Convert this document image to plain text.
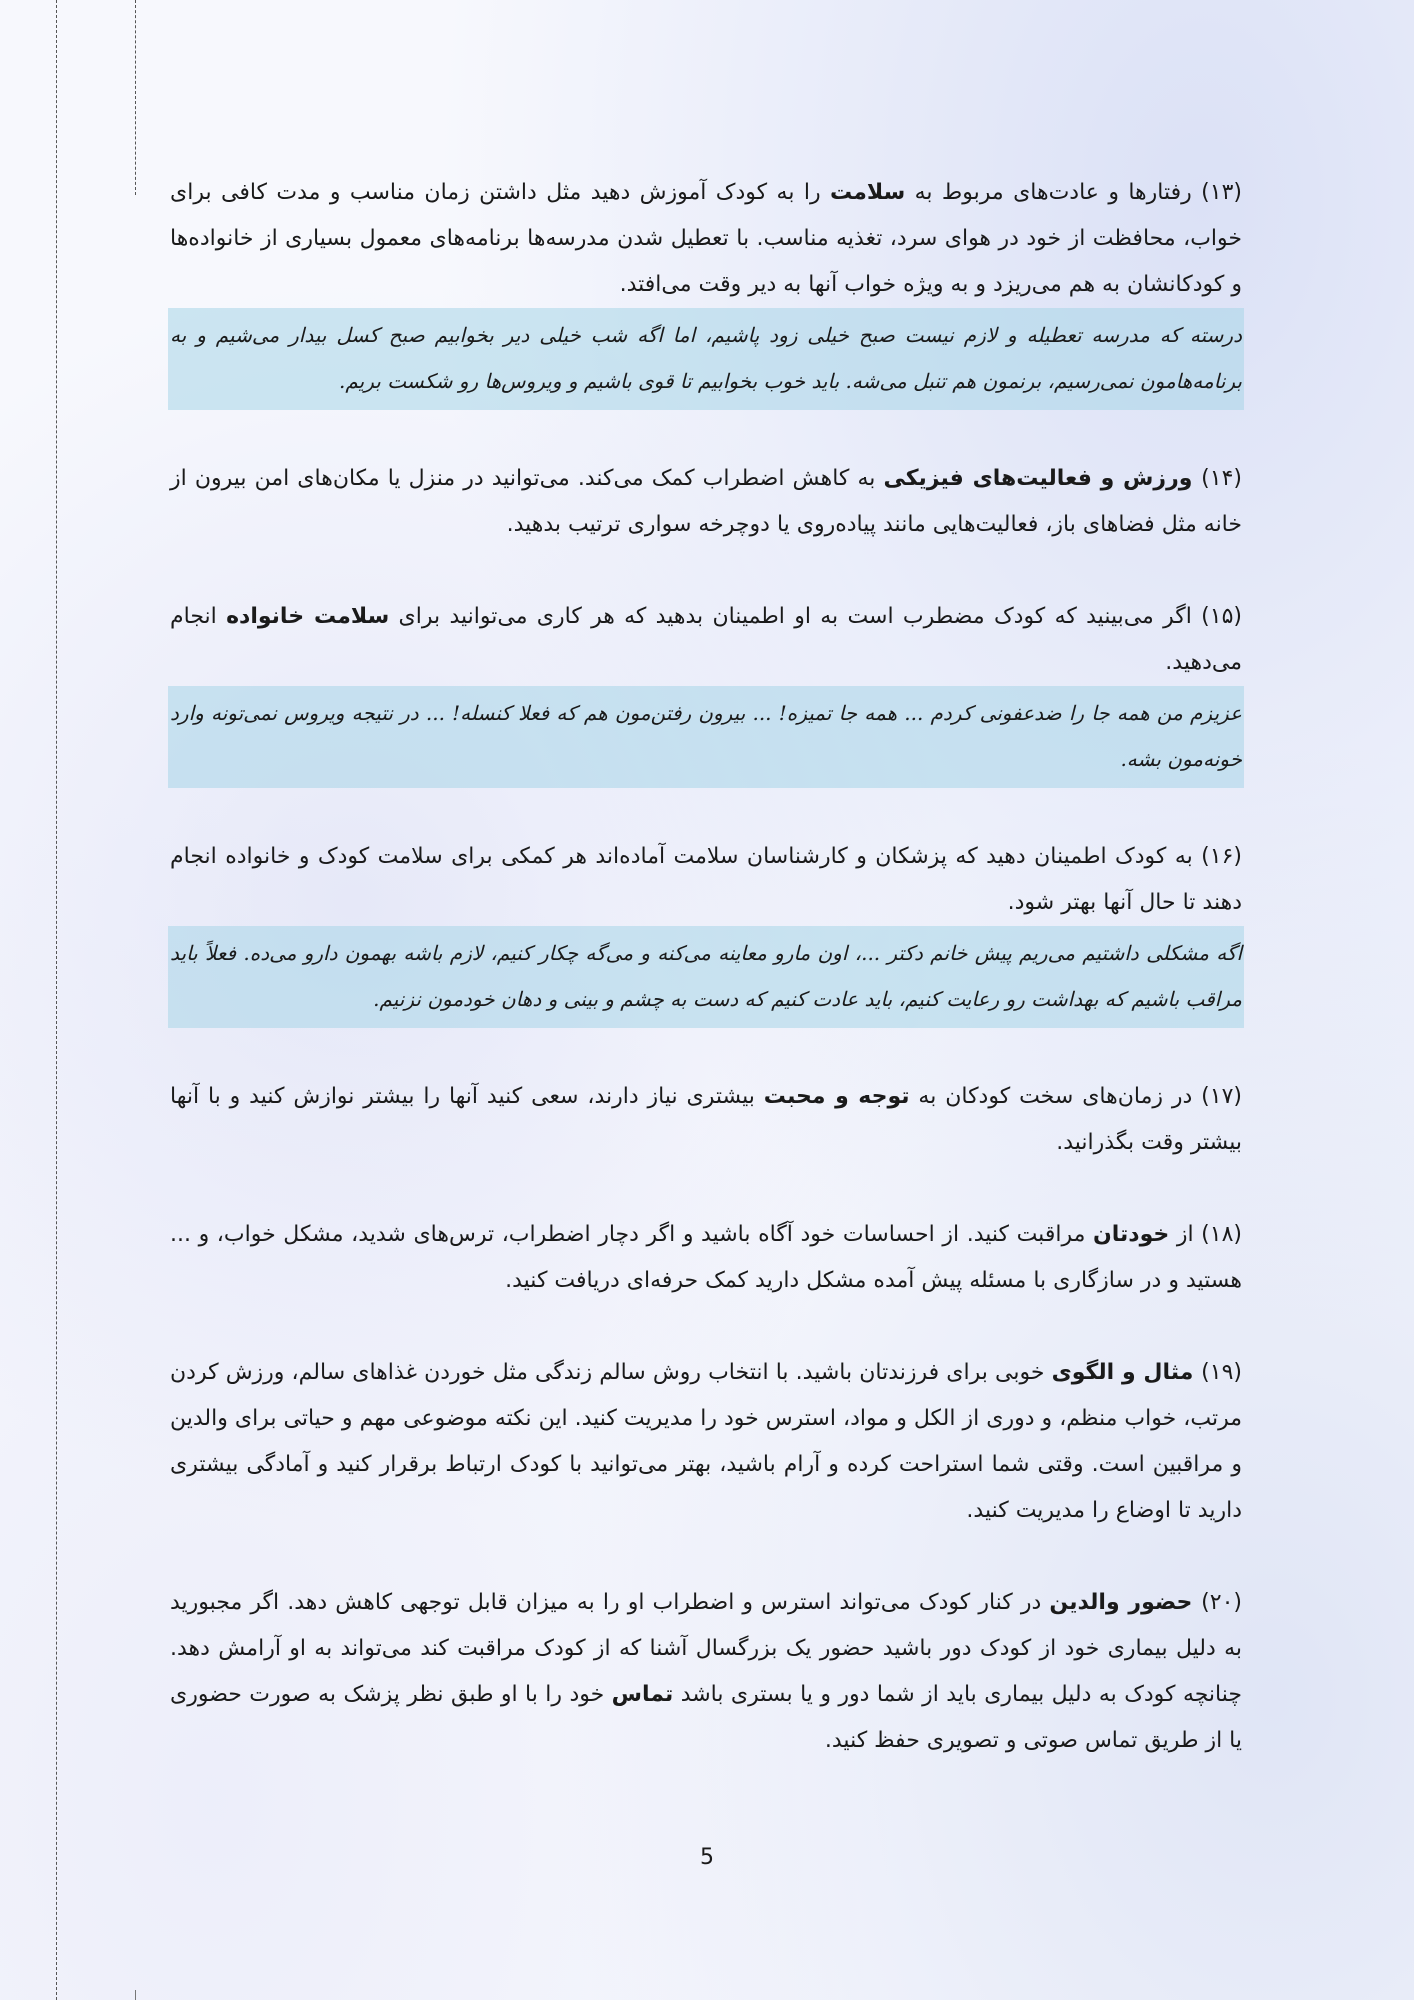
(۱۳) رفتارها و عادت‌های مربوط به سلامت را به کودک آموزش دهید مثل داشتن زمان مناسب و مدت کافی برای خواب، محافظت از خود در هوای سرد، تغذیه مناسب. با تعطیل شدن مدرسه‌ها برنامه‌های معمول بسیاری از خانواده‌ها و کودکانشان به هم می‌ریزد و به ویژه خواب آنها به دیر وقت می‌افتد.

درسته که مدرسه تعطیله و لازم نیست صبح خیلی زود پاشیم، اما اگه شب خیلی دیر بخوابیم صبح کسل بیدار می‌شیم و به برنامه‌هامون نمی‌رسیم، برنمون هم تنبل می‌شه. باید خوب بخوابیم تا قوی باشیم و ویروس‌ها رو شکست بریم.

(۱۴) ورزش و فعالیت‌های فیزیکی به کاهش اضطراب کمک می‌کند. می‌توانید در منزل یا مکان‌های امن بیرون از خانه مثل فضاهای باز، فعالیت‌هایی مانند پیاده‌روی یا دوچرخه سواری ترتیب بدهید.

(۱۵) اگر می‌بینید که کودک مضطرب است به او اطمینان بدهید که هر کاری می‌توانید برای سلامت خانواده انجام می‌دهید.

عزیزم من همه جا را ضدعفونی کردم ... همه جا تمیزه! ... بیرون رفتن‌مون هم که فعلا کنسله! ... در نتیجه ویروس نمی‌تونه وارد خونه‌مون بشه.

(۱۶) به کودک اطمینان دهید که پزشکان و کارشناسان سلامت آماده‌اند هر کمکی برای سلامت کودک و خانواده انجام دهند تا حال آنها بهتر شود.

اگه مشکلی داشتیم می‌ریم پیش خانم دکتر ...، اون مارو معاینه می‌کنه و می‌گه چکار کنیم، لازم باشه بهمون دارو می‌ده. فعلاً باید مراقب باشیم که بهداشت رو رعایت کنیم، باید عادت کنیم که دست به چشم و بینی و دهان خودمون نزنیم.

(۱۷) در زمان‌های سخت کودکان به توجه و محبت بیشتری نیاز دارند، سعی کنید آنها را بیشتر نوازش کنید و با آنها بیشتر وقت بگذرانید.

(۱۸) از خودتان مراقبت کنید. از احساسات خود آگاه باشید و اگر دچار اضطراب، ترس‌های شدید، مشکل خواب، و ... هستید و در سازگاری با مسئله پیش آمده مشکل دارید کمک حرفه‌ای دریافت کنید.

(۱۹) مثال و الگوی خوبی برای فرزندتان باشید. با انتخاب روش سالم زندگی مثل خوردن غذاهای سالم، ورزش کردن مرتب، خواب منظم، و دوری از الکل و مواد، استرس خود را مدیریت کنید. این نکته موضوعی مهم و حیاتی برای والدین و مراقبین است. وقتی شما استراحت کرده و آرام باشید، بهتر می‌توانید با کودک ارتباط برقرار کنید و آمادگی بیشتری دارید تا اوضاع را مدیریت کنید.

(۲۰) حضور والدین در کنار کودک می‌تواند استرس و اضطراب او را به میزان قابل توجهی کاهش دهد. اگر مجبورید به دلیل بیماری خود از کودک دور باشید حضور یک بزرگسال آشنا که از کودک مراقبت کند می‌تواند به او آرامش دهد. چنانچه کودک به دلیل بیماری باید از شما دور و یا بستری باشد تماس خود را با او طبق نظر پزشک به صورت حضوری یا از طریق تماس صوتی و تصویری حفظ کنید.

5
